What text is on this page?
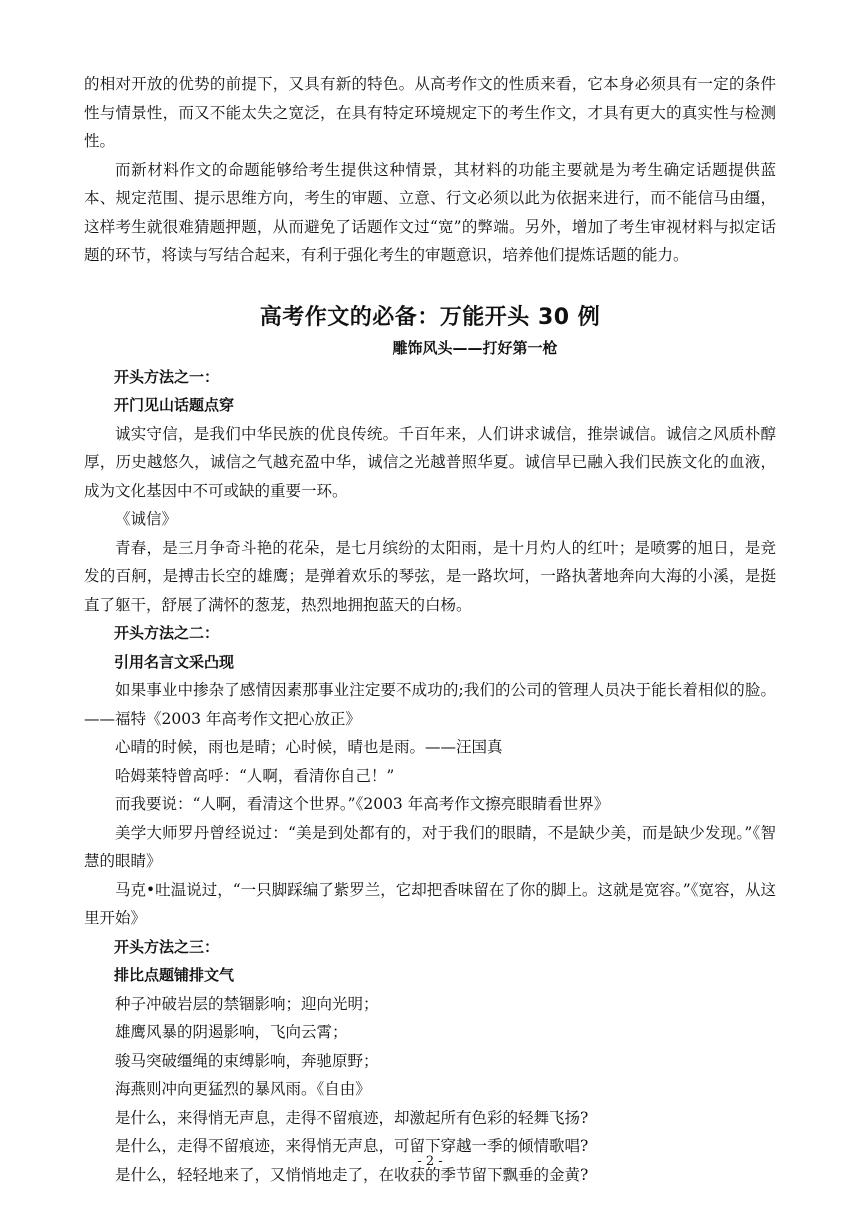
的相对开放的优势的前提下，又具有新的特色。从高考作文的性质来看，它本身必须具有一定的条件性与情景性，而又不能太失之宽泛，在具有特定环境规定下的考生作文，才具有更大的真实性与检测性。

而新材料作文的命题能够给考生提供这种情景，其材料的功能主要就是为考生确定话题提供蓝本、规定范围、提示思维方向，考生的审题、立意、行文必须以此为依据来进行，而不能信马由缰，这样考生就很难猜题押题，从而避免了话题作文过“宽”的弊端。另外，增加了考生审视材料与拟定话题的环节，将读与写结合起来，有利于强化考生的审题意识，培养他们提炼话题的能力。

高考作文的必备：万能开头 30 例

雕饰风头——打好第一枪

开头方法之一：

开门见山话题点穿

诚实守信，是我们中华民族的优良传统。千百年来，人们讲求诚信，推崇诚信。诚信之风质朴醇厚，历史越悠久，诚信之气越充盈中华，诚信之光越普照华夏。诚信早已融入我们民族文化的血液，成为文化基因中不可或缺的重要一环。

《诚信》

青春，是三月争奇斗艳的花朵，是七月缤纷的太阳雨，是十月灼人的红叶；是喷雾的旭日，是竞发的百舸，是搏击长空的雄鹰；是弹着欢乐的琴弦，是一路坎坷，一路执著地奔向大海的小溪，是挺直了躯干，舒展了满怀的葱茏，热烈地拥抱蓝天的白杨。

开头方法之二：

引用名言文采凸现

如果事业中掺杂了感情因素那事业注定要不成功的;我们的公司的管理人员决于能长着相似的脸。——福特《2003 年高考作文把心放正》

心晴的时候，雨也是晴；心时候，晴也是雨。——汪国真

哈姆莱特曾高呼：“人啊，看清你自己！”

而我要说：“人啊，看清这个世界。”《2003 年高考作文擦亮眼睛看世界》

美学大师罗丹曾经说过：“美是到处都有的，对于我们的眼睛，不是缺少美，而是缺少发现。”《智慧的眼睛》

马克•吐温说过，“一只脚踩编了紫罗兰，它却把香味留在了你的脚上。这就是宽容。”《宽容，从这里开始》

开头方法之三：

排比点题铺排文气

种子冲破岩层的禁锢影响；迎向光明；

雄鹰风暴的阴遏影响，飞向云霄；

骏马突破缰绳的束缚影响，奔驰原野；

海燕则冲向更猛烈的暴风雨。《自由》

是什么，来得悄无声息，走得不留痕迹，却激起所有色彩的轻舞飞扬?

是什么，走得不留痕迹，来得悄无声息，可留下穿越一季的倾情歌唱?

是什么，轻轻地来了，又悄悄地走了，在收获的季节留下飘垂的金黄?

- 2 -
